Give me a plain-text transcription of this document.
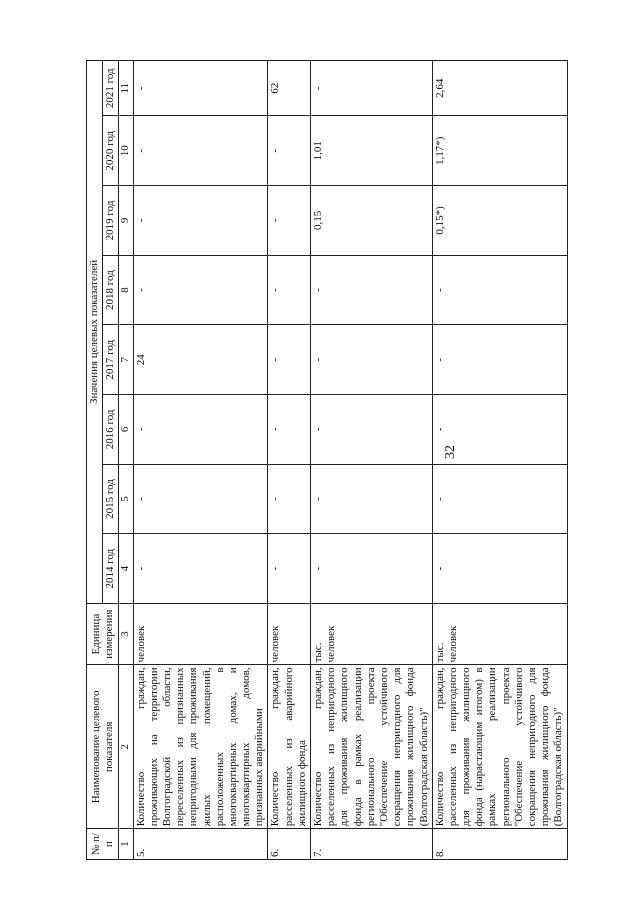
32
№ п/п	Наименование целевого показателя	Единица измерения	Значения целевых показателей							
			2014 год	2015 год	2016 год	2017 год	2018 год	2019 год	2020 год	2021 год
1	2	3	4	5	6	7	8	9	10	11
5.	Количество граждан, проживающих на территории Волгоградской области, переселенных из признанных непригодными для проживания жилых помещений, расположенных в многоквартирных домах, и многоквартирных домов, признанных аварийными	человек	-	-	-	24	-	-	-	-
6.	Количество граждан, расселенных из аварийного жилищного фонда	человек	-	-	-	-	-	-	-	62
7.	Количество граждан, расселенных из непригодного для проживания жилищного фонда в рамках реализации регионального проекта "Обеспечение устойчивого сокращения непригодного для проживания жилищного фонда (Волгоградская область)"	тыс. человек	-	-	-	-	-	0,15	1,01	-
8.	Количество граждан, расселенных из непригодного для проживания жилищного фонда (нарастающим итогом) в рамках реализации регионального проекта "Обеспечение устойчивого сокращения непригодного для проживания жилищного фонда (Волгоградская область)"	тыс. человек	-	-	-	-	-	0,15*)	1,17*)	2,64
